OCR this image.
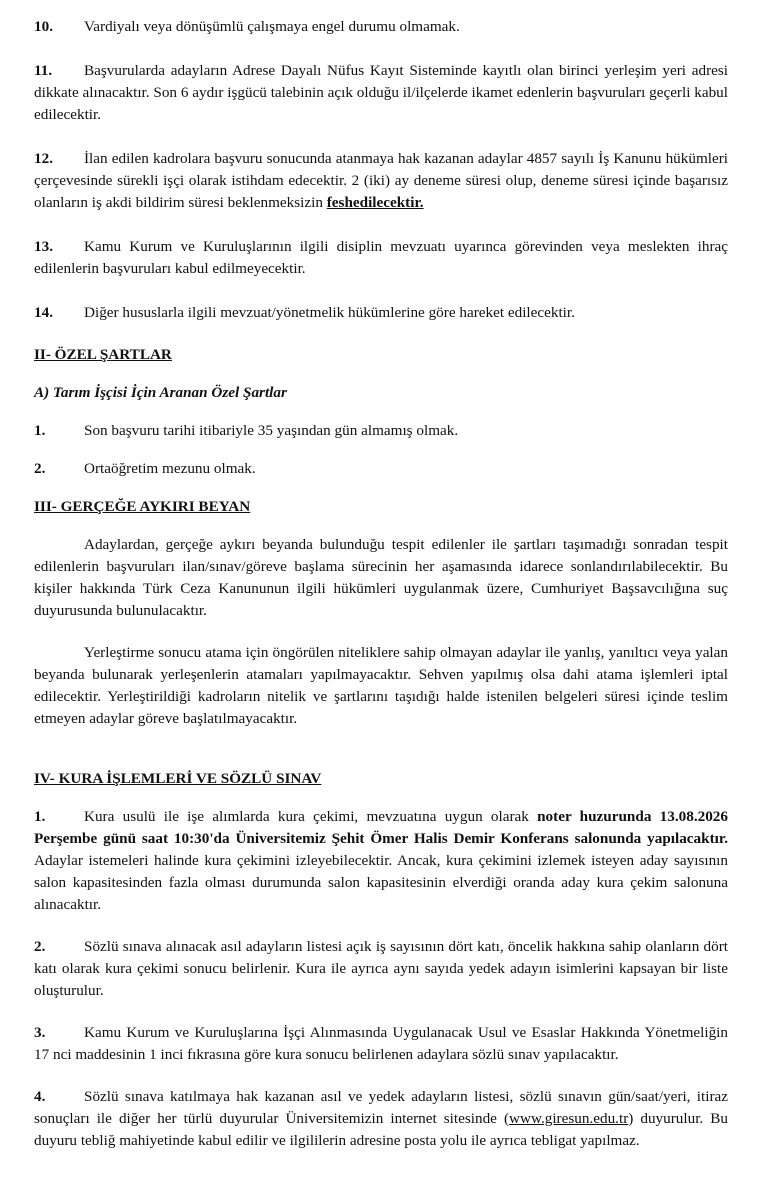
10. Vardiyalı veya dönüşümlü çalışmaya engel durumu olmamak.

11. Başvurularda adayların Adrese Dayalı Nüfus Kayıt Sisteminde kayıtlı olan birinci yerleşim yeri adresi dikkate alınacaktır. Son 6 aydır işgücü talebinin açık olduğu il/ilçelerde ikamet edenlerin başvuruları geçerli kabul edilecektir.

12. İlan edilen kadrolara başvuru sonucunda atanmaya hak kazanan adaylar 4857 sayılı İş Kanunu hükümleri çerçevesinde sürekli işçi olarak istihdam edecektir. 2 (iki) ay deneme süresi olup, deneme süresi içinde başarısız olanların iş akdi bildirim süresi beklenmeksizin feshedilecektir.

13. Kamu Kurum ve Kuruluşlarının ilgili disiplin mevzuatı uyarınca görevinden veya meslekten ihraç edilenlerin başvuruları kabul edilmeyecektir.

14. Diğer hususlarla ilgili mevzuat/yönetmelik hükümlerine göre hareket edilecektir.

II- ÖZEL ŞARTLAR
A) Tarım İşçisi İçin Aranan Özel Şartlar

1.	Son başvuru tarihi itibariyle 35 yaşından gün almamış olmak.

2.	Ortaöğretim mezunu olmak.

III- GERÇEĞE AYKIRI BEYAN

Adaylardan, gerçeğe aykırı beyanda bulunduğu tespit edilenler ile şartları taşımadığı sonradan tespit edilenlerin başvuruları ilan/sınav/göreve başlama sürecinin her aşamasında idarece sonlandırılabilecektir. Bu kişiler hakkında Türk Ceza Kanununun ilgili hükümleri uygulanmak üzere, Cumhuriyet Başsavcılığına suç duyurusunda bulunulacaktır.

Yerleştirme sonucu atama için öngörülen niteliklere sahip olmayan adaylar ile yanlış, yanıltıcı veya yalan beyanda bulunarak yerleşenlerin atamaları yapılmayacaktır. Sehven yapılmış olsa dahi atama işlemleri iptal edilecektir. Yerleştirildiği kadroların nitelik ve şartlarını taşıdığı halde istenilen belgeleri süresi içinde teslim etmeyen adaylar göreve başlatılmayacaktır.

IV- KURA İŞLEMLERİ VE SÖZLÜ SINAV

1.	Kura usulü ile işe alımlarda kura çekimi, mevzuatına uygun olarak noter huzurunda 13.08.2026 Perşembe günü saat 10:30'da Üniversitemiz Şehit Ömer Halis Demir Konferans salonunda yapılacaktır. Adaylar istemeleri halinde kura çekimini izleyebilecektir. Ancak, kura çekimini izlemek isteyen aday sayısının salon kapasitesinden fazla olması durumunda salon kapasitesinin elverdiği oranda aday kura çekim salonuna alınacaktır.

2.	Sözlü sınava alınacak asıl adayların listesi açık iş sayısının dört katı, öncelik hakkına sahip olanların dört katı olarak kura çekimi sonucu belirlenir. Kura ile ayrıca aynı sayıda yedek adayın isimlerini kapsayan bir liste oluşturulur.

3.	Kamu Kurum ve Kuruluşlarına İşçi Alınmasında Uygulanacak Usul ve Esaslar Hakkında Yönetmeliğin 17 nci maddesinin 1 inci fıkrasına göre kura sonucu belirlenen adaylara sözlü sınav yapılacaktır.

4.	Sözlü sınava katılmaya hak kazanan asıl ve yedek adayların listesi, sözlü sınavın gün/saat/yeri, itiraz sonuçları ile diğer her türlü duyurular Üniversitemizin internet sitesinde (www.giresun.edu.tr) duyurulur. Bu duyuru tebliğ mahiyetinde kabul edilir ve ilgililerin adresine posta yolu ile ayrıca tebligat yapılmaz.
